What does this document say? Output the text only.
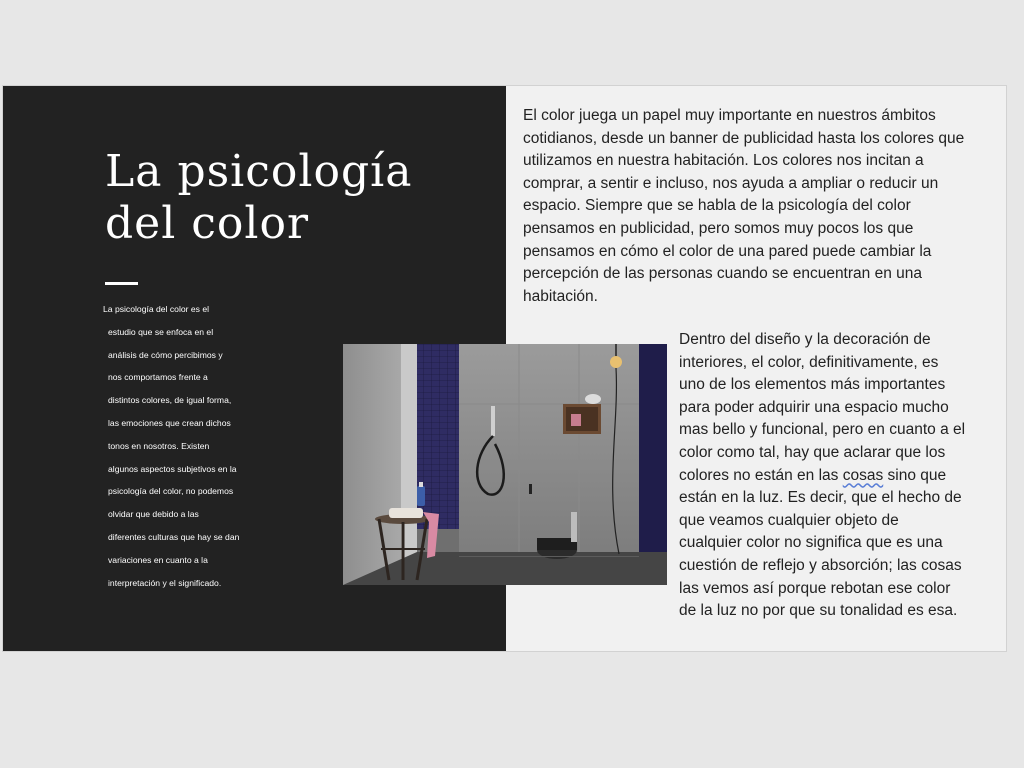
La psicología
del color
La psicología del color es el
estudio que se enfoca en el
análisis de cómo percibimos y
nos comportamos frente a
distintos colores, de igual forma,
las emociones que crean dichos
tonos en nosotros. Existen
algunos aspectos subjetivos en la
psicología del color, no podemos
olvidar que debido a las
diferentes culturas que hay se dan
variaciones en cuanto a la
interpretación y el significado.
El color juega un papel muy importante en nuestros ámbitos
cotidianos, desde un banner de publicidad hasta los colores que
utilizamos en nuestra habitación. Los colores nos incitan a
comprar, a sentir e incluso, nos ayuda a ampliar o reducir un
espacio. Siempre que se habla de la psicología del color
pensamos en publicidad, pero somos muy pocos los que
pensamos en cómo el color de una pared puede cambiar la
percepción de las personas cuando se encuentran en una
habitación.
Dentro del diseño y la decoración de
interiores, el color, definitivamente, es
uno de los elementos más importantes
para poder adquirir una espacio mucho
mas bello y funcional, pero en cuanto a el
color como tal, hay que aclarar que los
colores no están en las cosas sino que
están en la luz. Es decir, que el hecho de
que veamos cualquier objeto de
cualquier color no significa que es una
cuestión de reflejo y absorción; las cosas
las vemos así porque rebotan ese color
de la luz no por que su tonalidad es esa.
